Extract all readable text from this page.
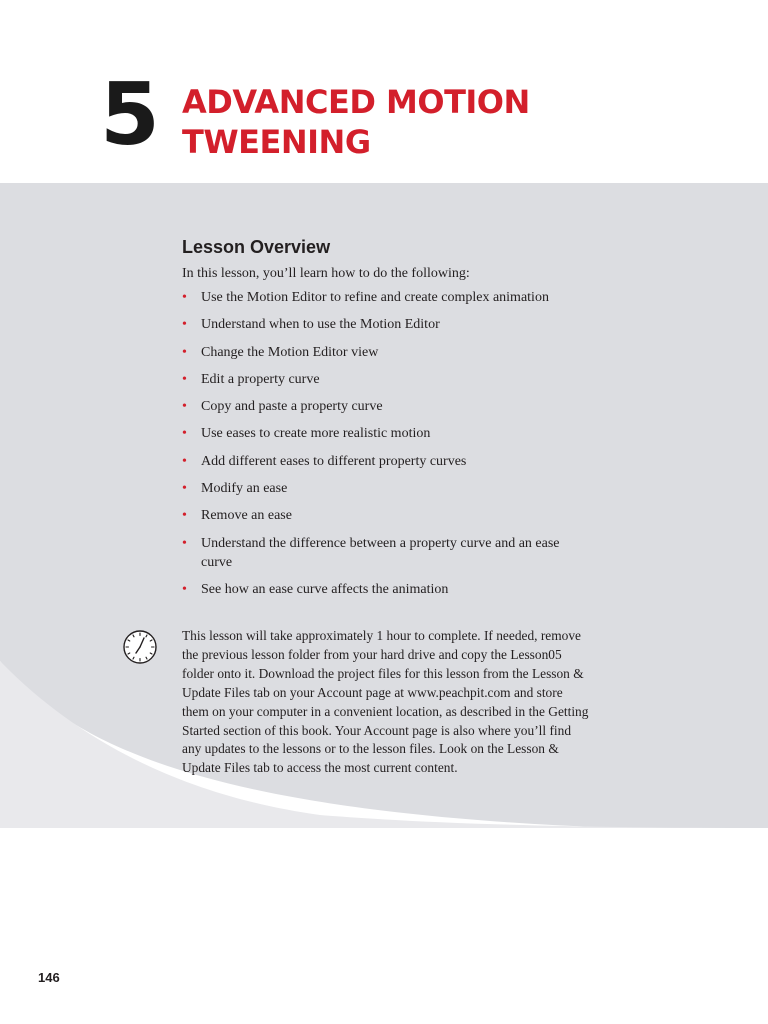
5 ADVANCED MOTION
TWEENING
Lesson Overview

In this lesson, you’ll learn how to do the following:

• Use the Motion Editor to refine and create complex animation
• Understand when to use the Motion Editor
• Change the Motion Editor view
• Edit a property curve
• Copy and paste a property curve
• Use eases to create more realistic motion
• Add different eases to different property curves
• Modify an ease
• Remove an ease
• Understand the difference between a property curve and an ease curve
• See how an ease curve affects the animation

This lesson will take approximately 1 hour to complete. If needed, remove the previous lesson folder from your hard drive and copy the Lesson05 folder onto it. Download the project files for this lesson from the Lesson & Update Files tab on your Account page at www.peachpit.com and store them on your computer in a convenient location, as described in the Getting Started section of this book. Your Account page is also where you’ll find any updates to the lessons or to the lesson files. Look on the Lesson & Update Files tab to access the most current content.

146
